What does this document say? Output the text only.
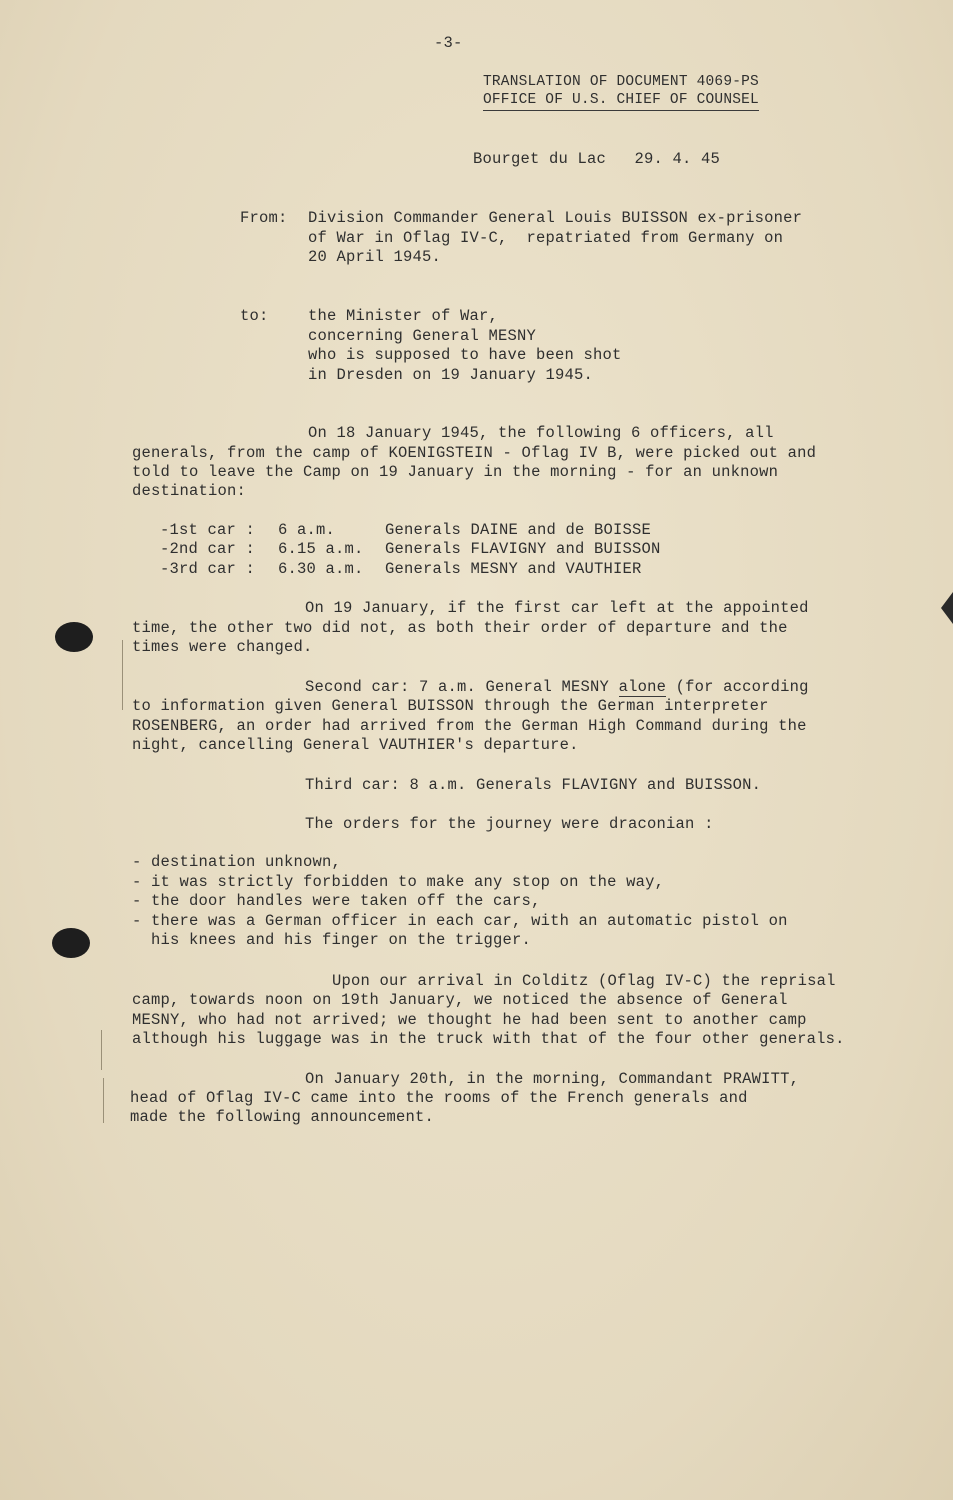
-3-
TRANSLATION OF DOCUMENT 4069-PS
OFFICE OF U.S. CHIEF OF COUNSEL
Bourget du Lac   29. 4. 45
From: Division Commander General Louis BUISSON ex-prisoner
of War in Oflag IV-C,  repatriated from Germany on
20 April 1945.
to:	the Minister of War,
concerning General MESNY
who is supposed to have been shot
in Dresden on 19 January 1945.
On 18 January 1945, the following 6 officers, all
generals, from the camp of KOENIGSTEIN - Oflag IV B, were picked out and
told to leave the Camp on 19 January in the morning - for an unknown
destination:
-1st car : 6 a.m.	Generals DAINE and de BOISSE
-2nd car : 6.15 a.m. Generals FLAVIGNY and BUISSON
-3rd car : 6.30 a.m. Generals MESNY and VAUTHIER
On 19 January, if the first car left at the appointed
time, the other two did not, as both their order of departure and the
times were changed.
Second car: 7 a.m. General MESNY alone (for according
to information given General BUISSON through the German interpreter
ROSENBERG, an order had arrived from the German High Command during the
night, cancelling General VAUTHIER's departure.
Third car: 8 a.m. Generals FLAVIGNY and BUISSON.
The orders for the journey were draconian :
- destination unknown,
- it was strictly forbidden to make any stop on the way,
- the door handles were taken off the cars,
- there was a German officer in each car, with an automatic pistol on
his knees and his finger on the trigger.
Upon our arrival in Colditz (Oflag IV-C) the reprisal
camp, towards noon on 19th January, we noticed the absence of General
MESNY, who had not arrived; we thought he had been sent to another camp
although his luggage was in the truck with that of the four other generals.
On January 20th, in the morning, Commandant PRAWITT,
head of Oflag IV-C came into the rooms of the French generals and
made the following announcement.
